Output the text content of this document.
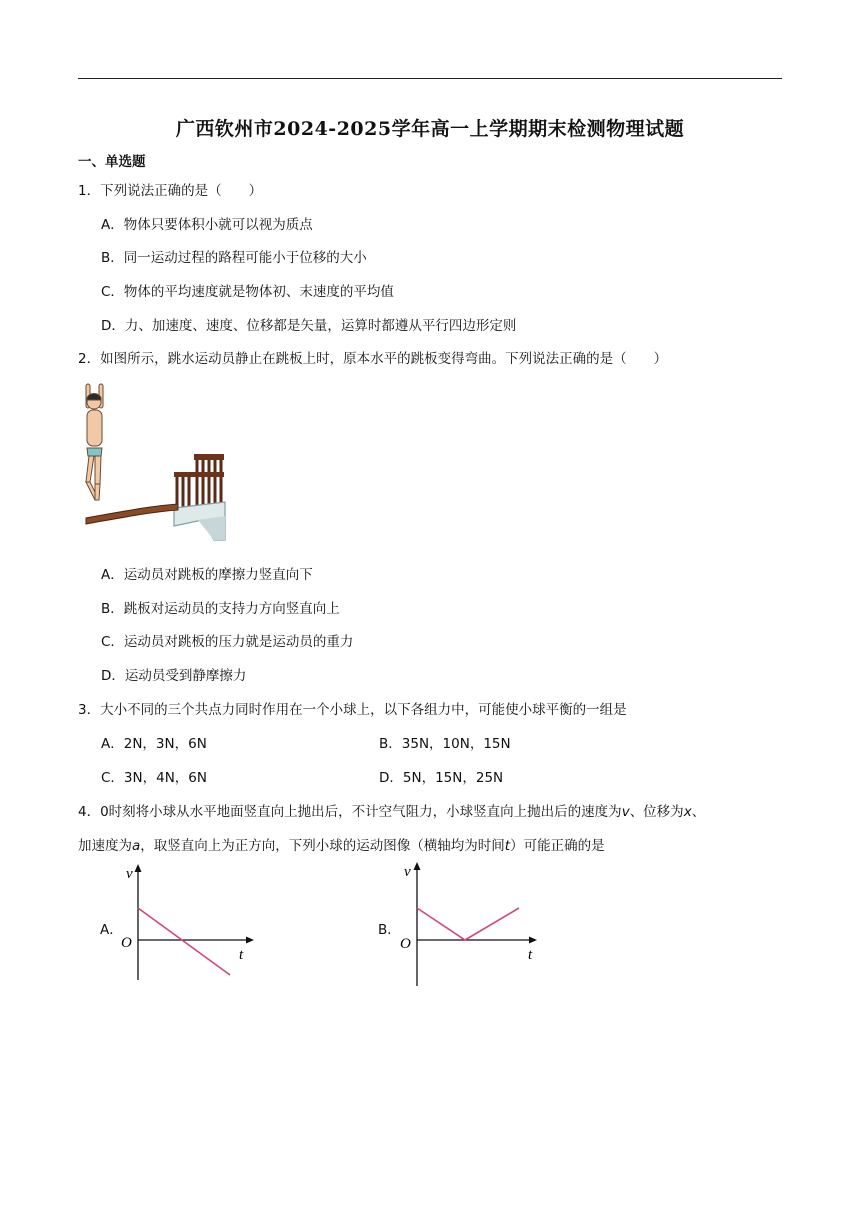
广西钦州市2024-2025学年高一上学期期末检测物理试题
一、单选题
1．下列说法正确的是（　　）
A．物体只要体积小就可以视为质点
B．同一运动过程的路程可能小于位移的大小
C．物体的平均速度就是物体初、末速度的平均值
D．力、加速度、速度、位移都是矢量，运算时都遵从平行四边形定则
2．如图所示，跳水运动员静止在跳板上时，原本水平的跳板变得弯曲。下列说法正确的是（　　）
A．运动员对跳板的摩擦力竖直向下
B．跳板对运动员的支持力方向竖直向上
C．运动员对跳板的压力就是运动员的重力
D．运动员受到静摩擦力
3．大小不同的三个共点力同时作用在一个小球上，以下各组力中，可能使小球平衡的一组是
A．2N，3N，6N	B．35N，10N，15N
C．3N，4N，6N	D．5N，15N，25N
4．0时刻将小球从水平地面竖直向上抛出后，不计空气阻力，小球竖直向上抛出后的速度为v、位移为x、
加速度为a，取竖直向上为正方向，下列小球的运动图像（横轴均为时间t）可能正确的是
A．
v
t
O
B．
v
t
O
